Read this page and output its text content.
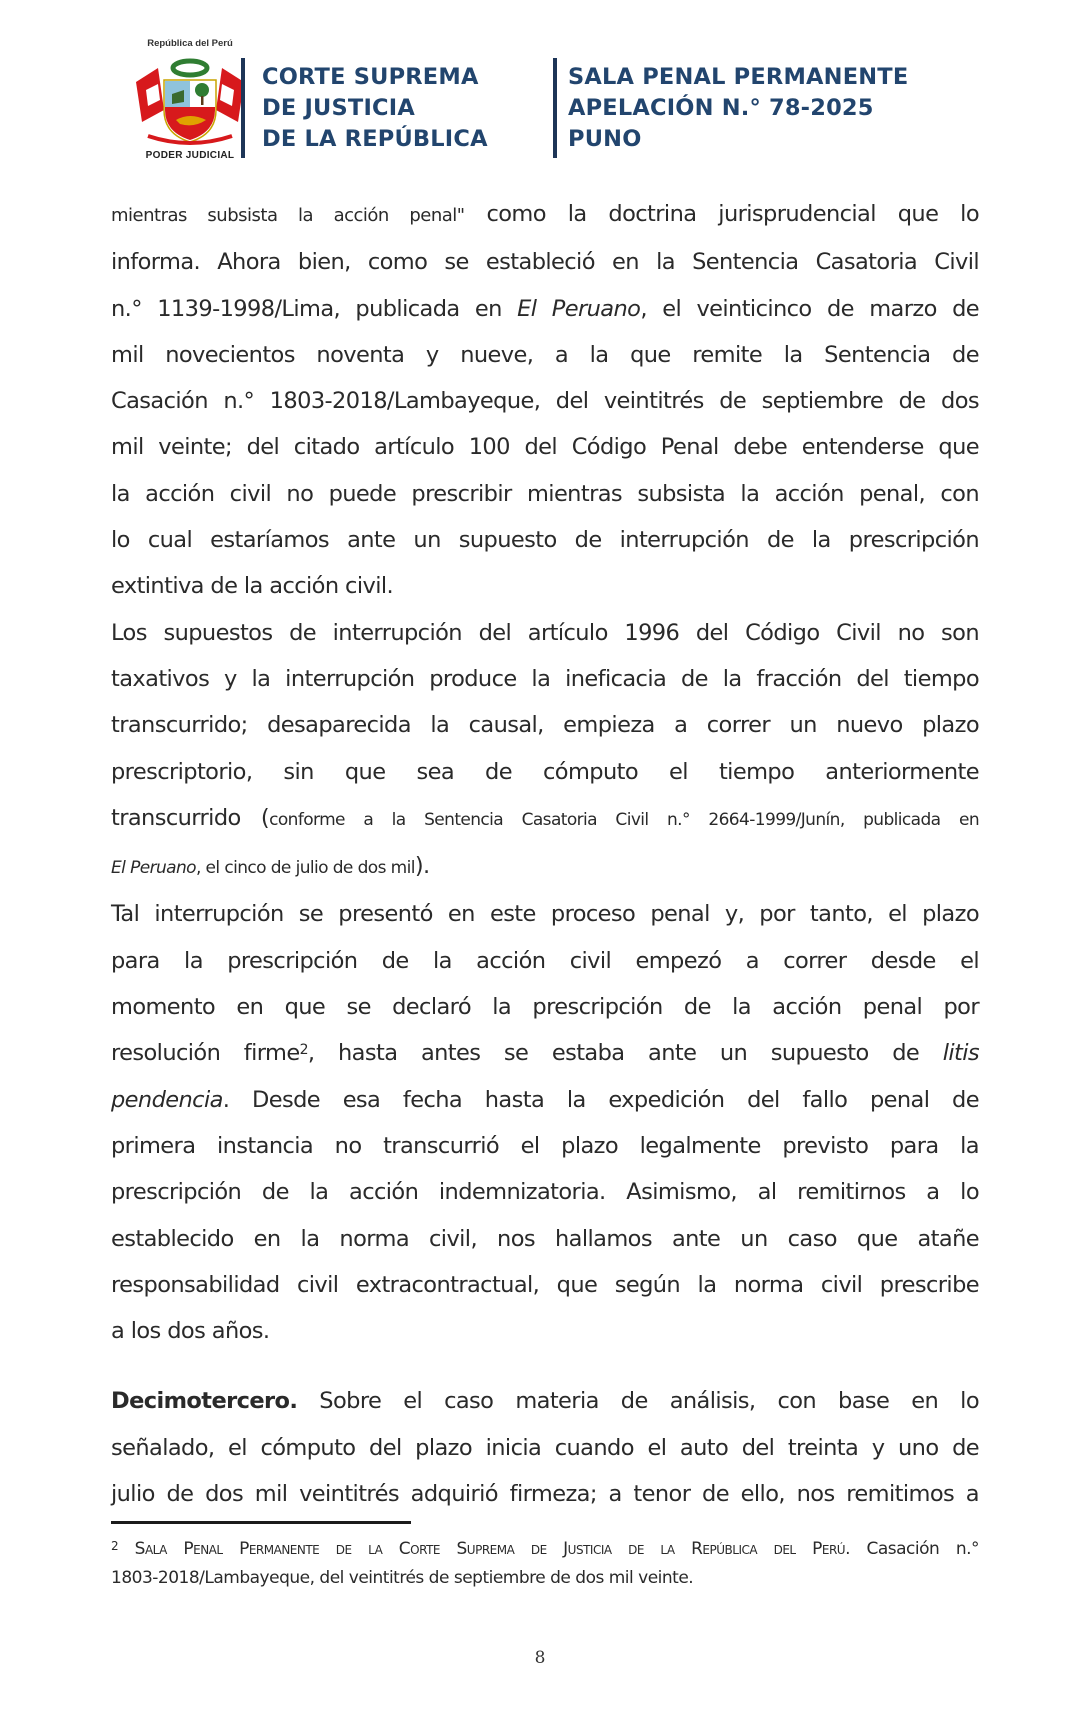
República del Perú
PODER JUDICIAL
CORTE SUPREMA
DE JUSTICIA
DE LA REPÚBLICA
SALA PENAL PERMANENTE
APELACIÓN N.° 78-2025
PUNO

mientras subsista la acción penal" como la doctrina jurisprudencial que lo
informa. Ahora bien, como se estableció en la Sentencia Casatoria Civil
n.° 1139-1998/Lima, publicada en El Peruano, el veinticinco de marzo de
mil novecientos noventa y nueve, a la que remite la Sentencia de
Casación n.° 1803-2018/Lambayeque, del veintitrés de septiembre de dos
mil veinte; del citado artículo 100 del Código Penal debe entenderse que
la acción civil no puede prescribir mientras subsista la acción penal, con
lo cual estaríamos ante un supuesto de interrupción de la prescripción
extintiva de la acción civil.

Los supuestos de interrupción del artículo 1996 del Código Civil no son
taxativos y la interrupción produce la ineficacia de la fracción del tiempo
transcurrido; desaparecida la causal, empieza a correr un nuevo plazo
prescriptorio, sin que sea de cómputo el tiempo anteriormente
transcurrido (conforme a la Sentencia Casatoria Civil n.° 2664-1999/Junín, publicada en
El Peruano, el cinco de julio de dos mil).

Tal interrupción se presentó en este proceso penal y, por tanto, el plazo
para la prescripción de la acción civil empezó a correr desde el
momento en que se declaró la prescripción de la acción penal por
resolución firme$^2$, hasta antes se estaba ante un supuesto de litis
pendencia. Desde esa fecha hasta la expedición del fallo penal de
primera instancia no transcurrió el plazo legalmente previsto para la
prescripción de la acción indemnizatoria. Asimismo, al remitirnos a lo
establecido en la norma civil, nos hallamos ante un caso que atañe
responsabilidad civil extracontractual, que según la norma civil prescribe
a los dos años.

Decimotercero. Sobre el caso materia de análisis, con base en lo
señalado, el cómputo del plazo inicia cuando el auto del treinta y uno de
julio de dos mil veintitrés adquirió firmeza; a tenor de ello, nos remitimos a

$^2$ Sala Penal Permanente de la Corte Suprema de Justicia de la República del Perú. Casación n.°
1803-2018/Lambayeque, del veintitrés de septiembre de dos mil veinte.
8
